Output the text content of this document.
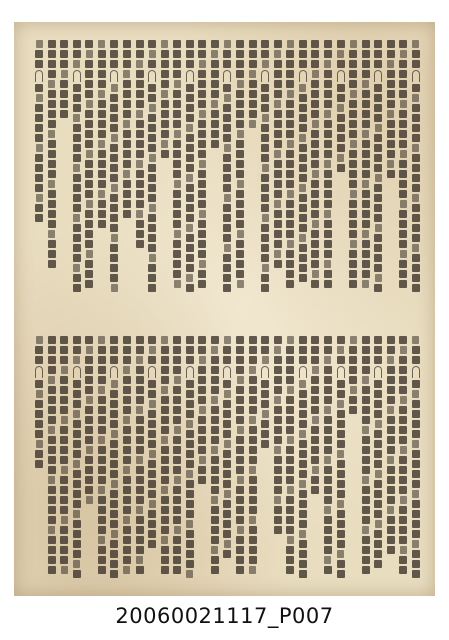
20060021117_P007
